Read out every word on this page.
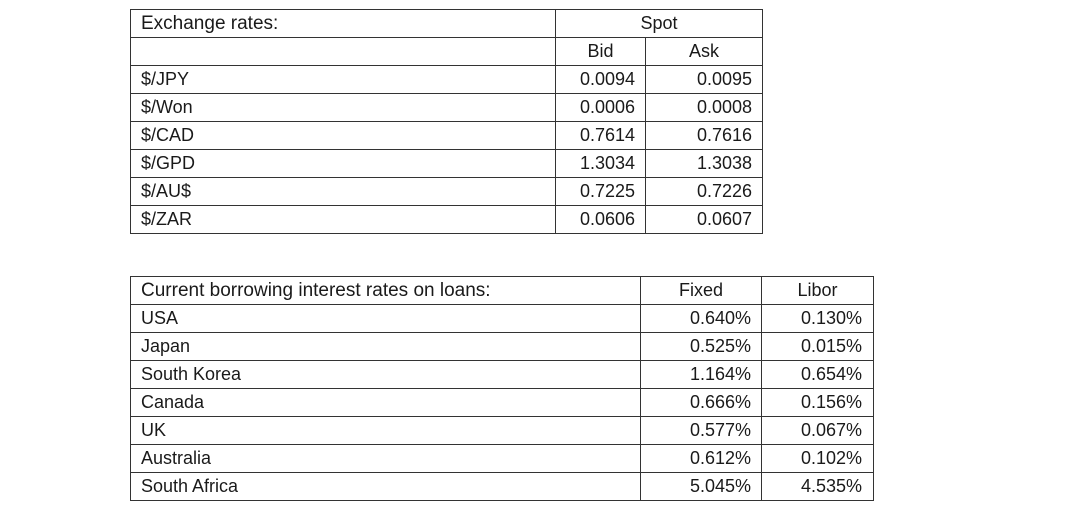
Exchange rates:	Spot	
	Bid	Ask
$/JPY	0.0094	0.0095
$/Won	0.0006	0.0008
$/CAD	0.7614	0.7616
$/GPD	1.3034	1.3038
$/AU$	0.7225	0.7226
$/ZAR	0.0606	0.0607
Current borrowing interest rates on loans:	Fixed	Libor
USA	0.640%	0.130%
Japan	0.525%	0.015%
South Korea	1.164%	0.654%
Canada	0.666%	0.156%
UK	0.577%	0.067%
Australia	0.612%	0.102%
South Africa	5.045%	4.535%
